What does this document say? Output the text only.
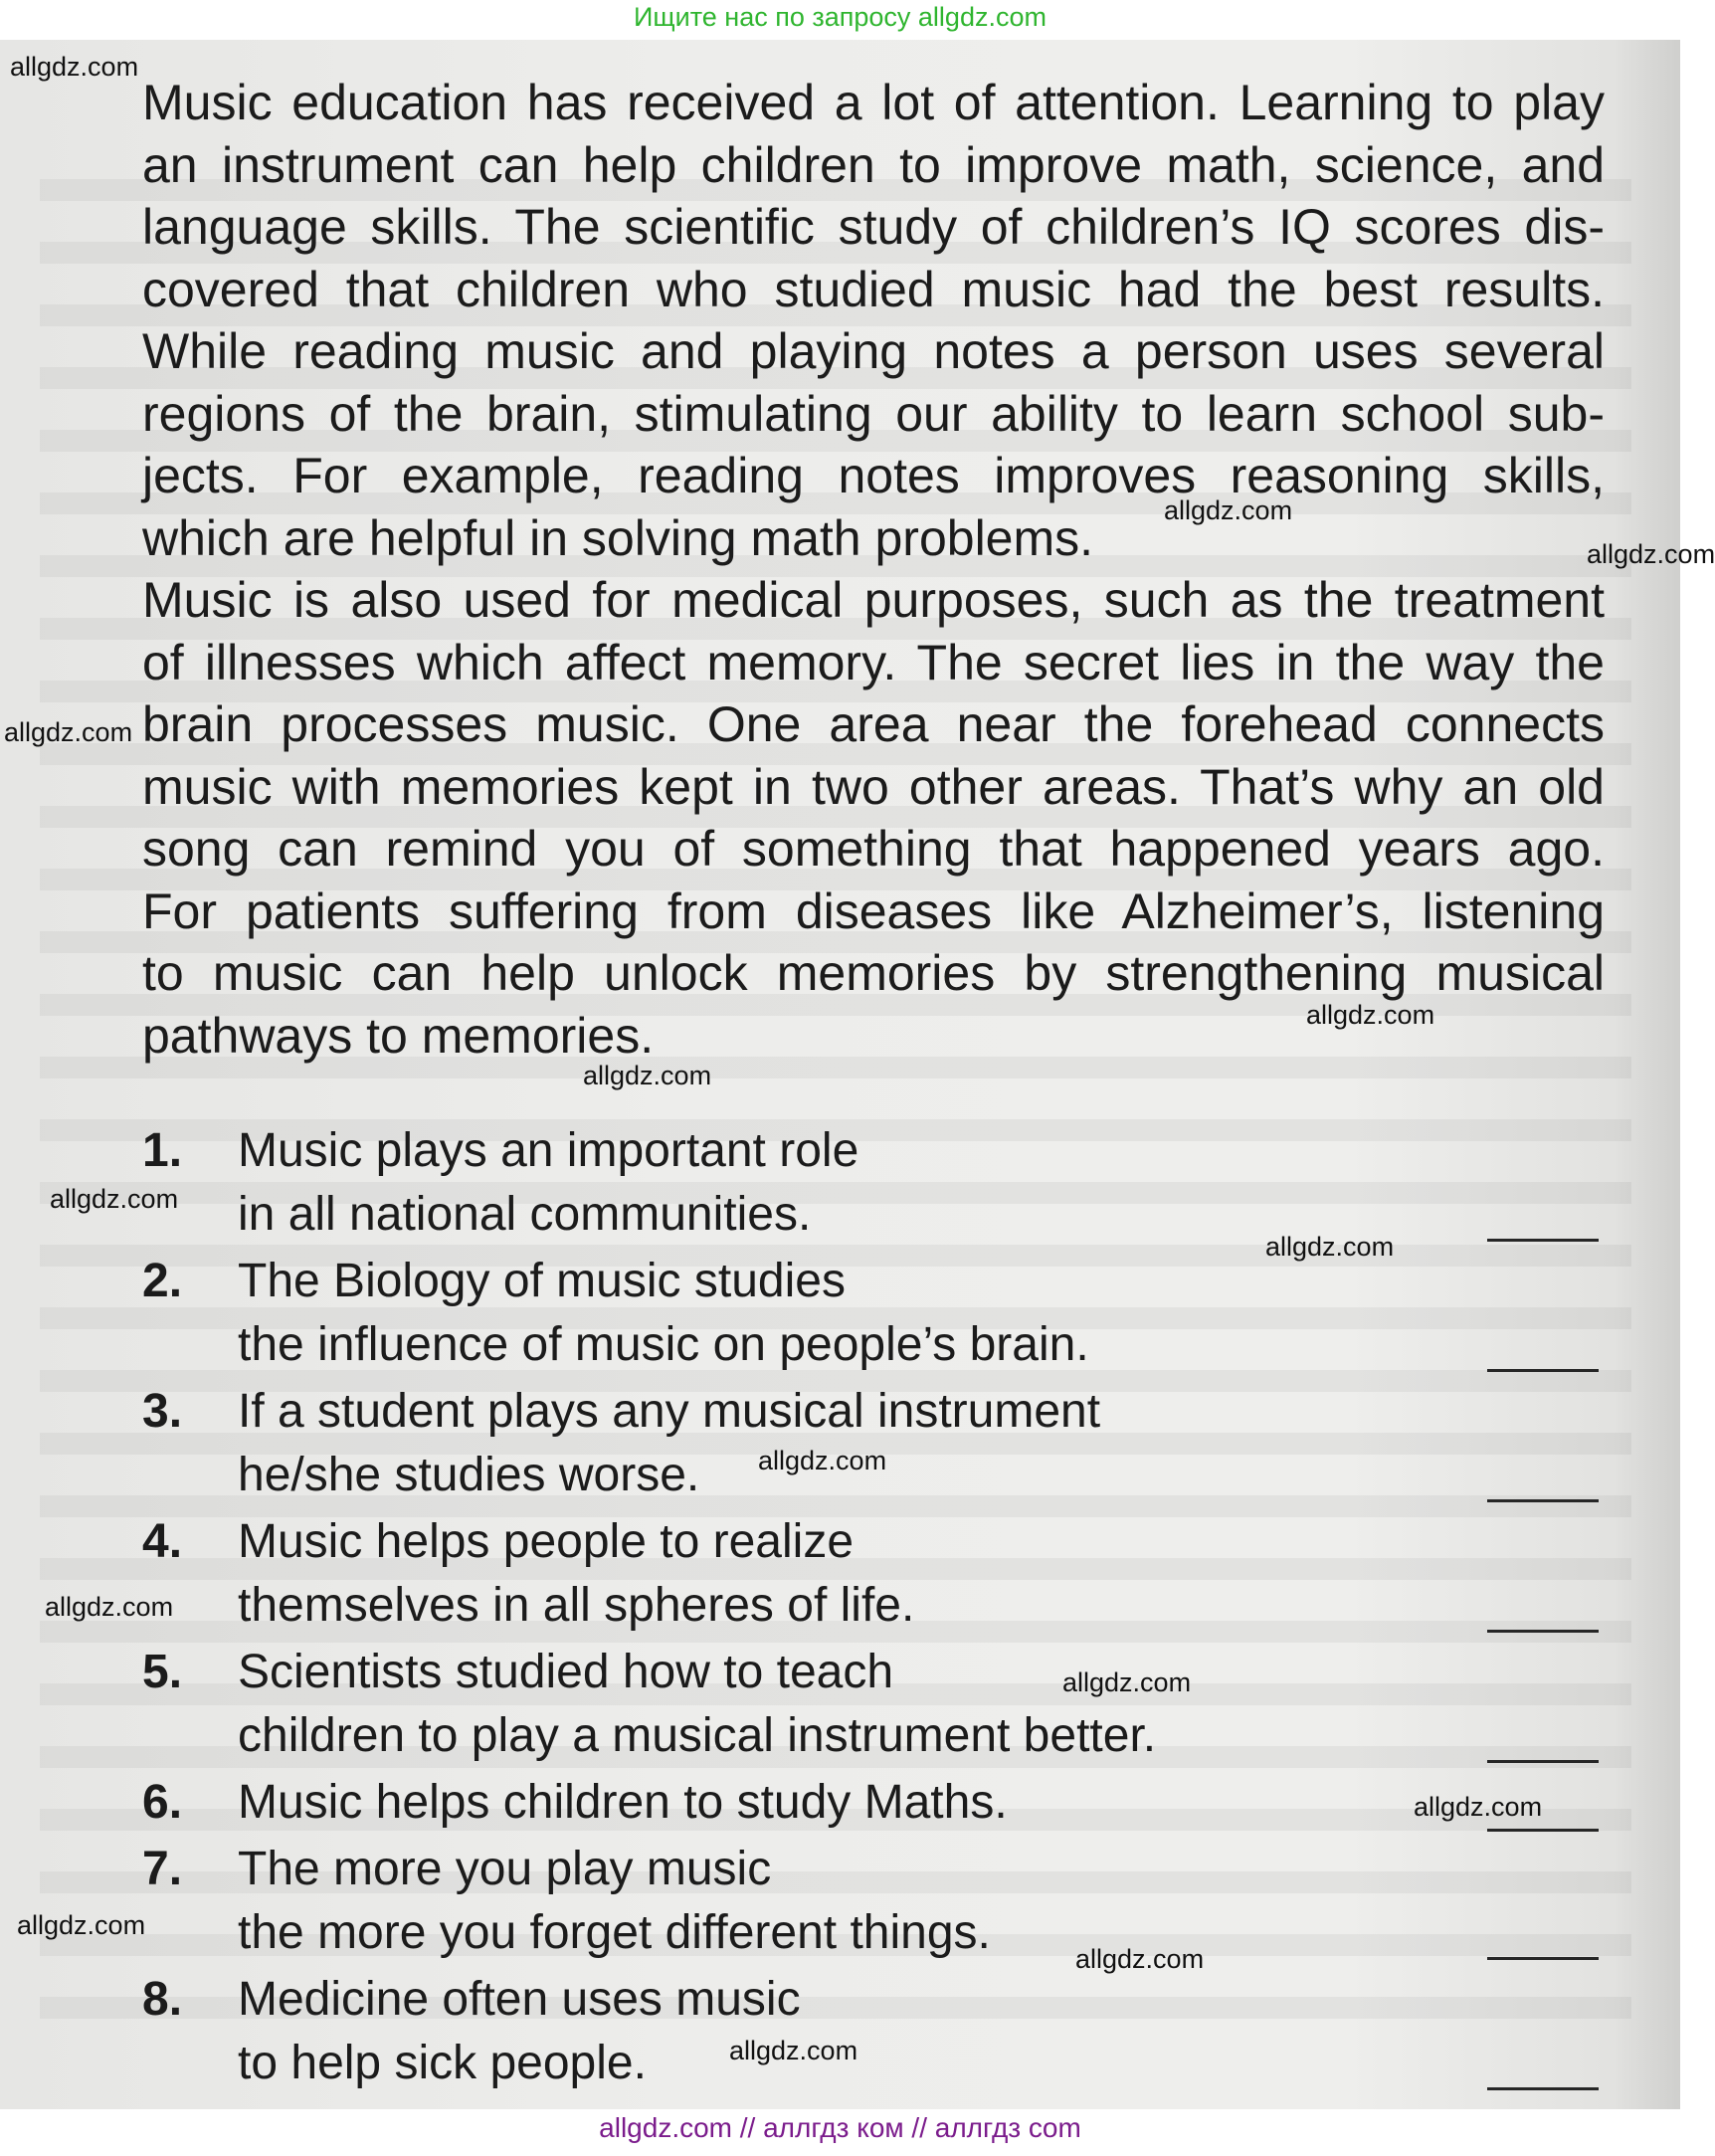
Ищите нас по запросу allgdz.com
Music education has received a lot of attention. Learning to play
an instrument can help children to improve math, science, and
language skills. The scientific study of children’s IQ scores dis-
covered that children who studied music had the best results.
While reading music and playing notes a person uses several
regions of the brain, stimulating our ability to learn school sub-
jects. For example, reading notes improves reasoning skills,
which are helpful in solving math problems.
Music is also used for medical purposes, such as the treatment
of illnesses which affect memory. The secret lies in the way the
brain processes music. One area near the forehead connects
music with memories kept in two other areas. That’s why an old
song can remind you of something that happened years ago.
For patients suffering from diseases like Alzheimer’s, listening
to music can help unlock memories by strengthening musical
pathways to memories.
1.	Music plays an important role
in all national communities.
2.	The Biology of music studies
the influence of music on people’s brain.
3.	If a student plays any musical instrument
he/she studies worse.
4.	Music helps people to realize
themselves in all spheres of life.
5.	Scientists studied how to teach
children to play a musical instrument better.
6.	Music helps children to study Maths.
7.	The more you play music
the more you forget different things.
8.	Medicine often uses music
to help sick people.
allgdz.com
allgdz.com
allgdz.com
allgdz.com
allgdz.com
allgdz.com
allgdz.com
allgdz.com
allgdz.com
allgdz.com
allgdz.com
allgdz.com
allgdz.com
allgdz.com
allgdz.com
allgdz.com // аллгдз ком // аллгдз com
